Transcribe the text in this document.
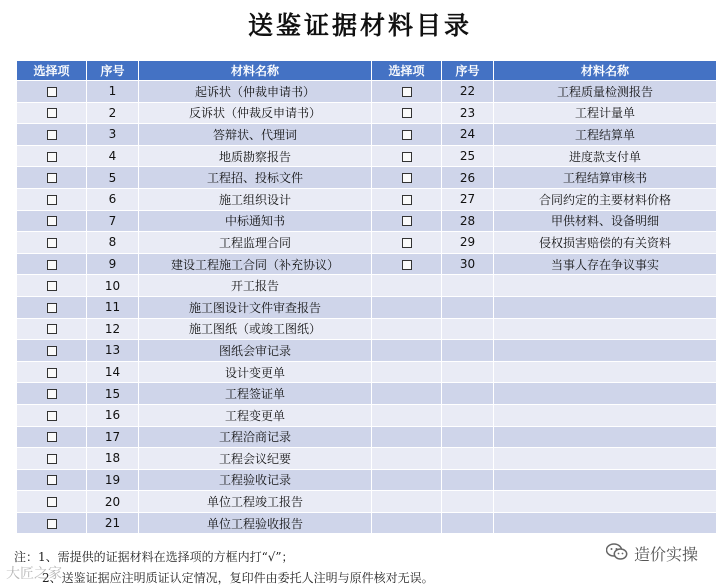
送鉴证据材料目录
选择项	序号	材料名称	选择项	序号	材料名称
	1	起诉状（仲裁申请书）		22	工程质量检测报告
	2	反诉状（仲裁反申请书）		23	工程计量单
	3	答辩状、代理词		24	工程结算单
	4	地质勘察报告		25	进度款支付单
	5	工程招、投标文件		26	工程结算审核书
	6	施工组织设计		27	合同约定的主要材料价格
	7	中标通知书		28	甲供材料、设备明细
	8	工程监理合同		29	侵权损害赔偿的有关资料
	9	建设工程施工合同（补充协议）		30	当事人存在争议事实
	10	开工报告			
	11	施工图设计文件审查报告			
	12	施工图纸（或竣工图纸）			
	13	图纸会审记录			
	14	设计变更单			
	15	工程签证单			
	16	工程变更单			
	17	工程洽商记录			
	18	工程会议纪要			
	19	工程验收记录			
	20	单位工程竣工报告			
	21	单位工程验收报告			
注：1、需提供的证据材料在选择项的方框内打“√”；
2、送鉴证据应注明质证认定情况，复印件由委托人注明与原件核对无误。
造价实操
大匠之家
